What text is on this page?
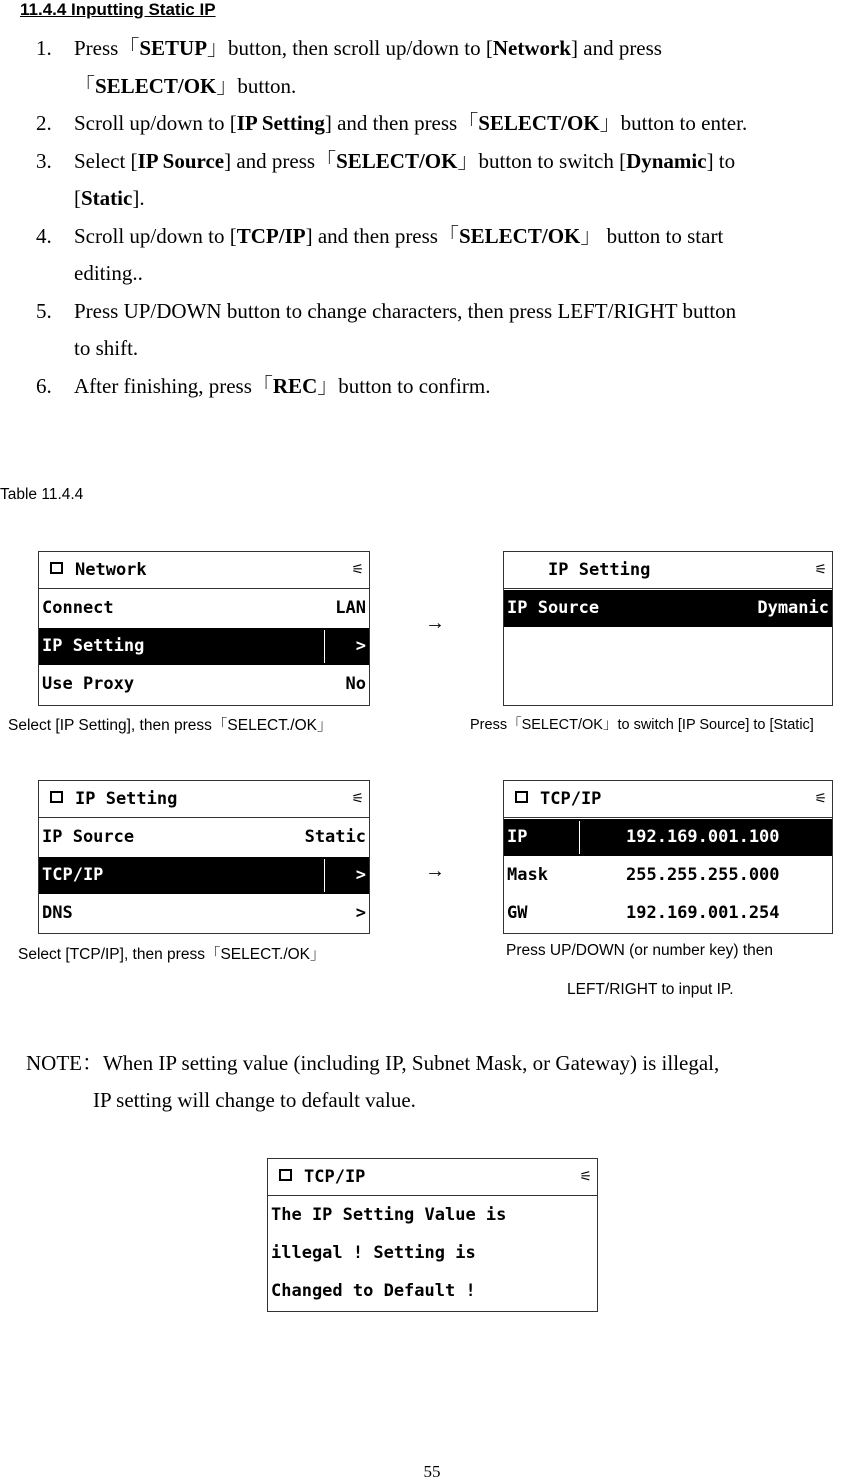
11.4.4 Inputting Static IP
1. Press「SETUP」button, then scroll up/down to [Network] and press
「SELECT/OK」button.
2. Scroll up/down to [IP Setting] and then press「SELECT/OK」button to enter.
3. Select [IP Source] and press「SELECT/OK」button to switch [Dynamic] to
[Static].
4. Scroll up/down to [TCP/IP] and then press「SELECT/OK」 button to start
editing..
5. Press UP/DOWN button to change characters, then press LEFT/RIGHT button
to shift.
6. After finishing, press「REC」button to confirm.
Table 11.4.4
Network	⚟
Connect	LAN
IP Setting	>
Use Proxy	No
→
IP Setting	⚟
IP Source	Dymanic
Select [IP Setting], then press「SELECT./OK」	Press「SELECT/OK」to switch [IP Source] to [Static]
IP Setting	⚟
IP Source	Static
TCP/IP	>
DNS	>
→
TCP/IP	⚟
IP	192.169.001.100
Mask	255.255.255.000
GW	192.169.001.254
Select [TCP/IP], then press「SELECT./OK」	Press UP/DOWN (or number key) then
LEFT/RIGHT to input IP.
NOTE：When IP setting value (including IP, Subnet Mask, or Gateway) is illegal,
IP setting will change to default value.
TCP/IP	⚟
The IP Setting Value is
illegal ! Setting is
Changed to Default !
55
